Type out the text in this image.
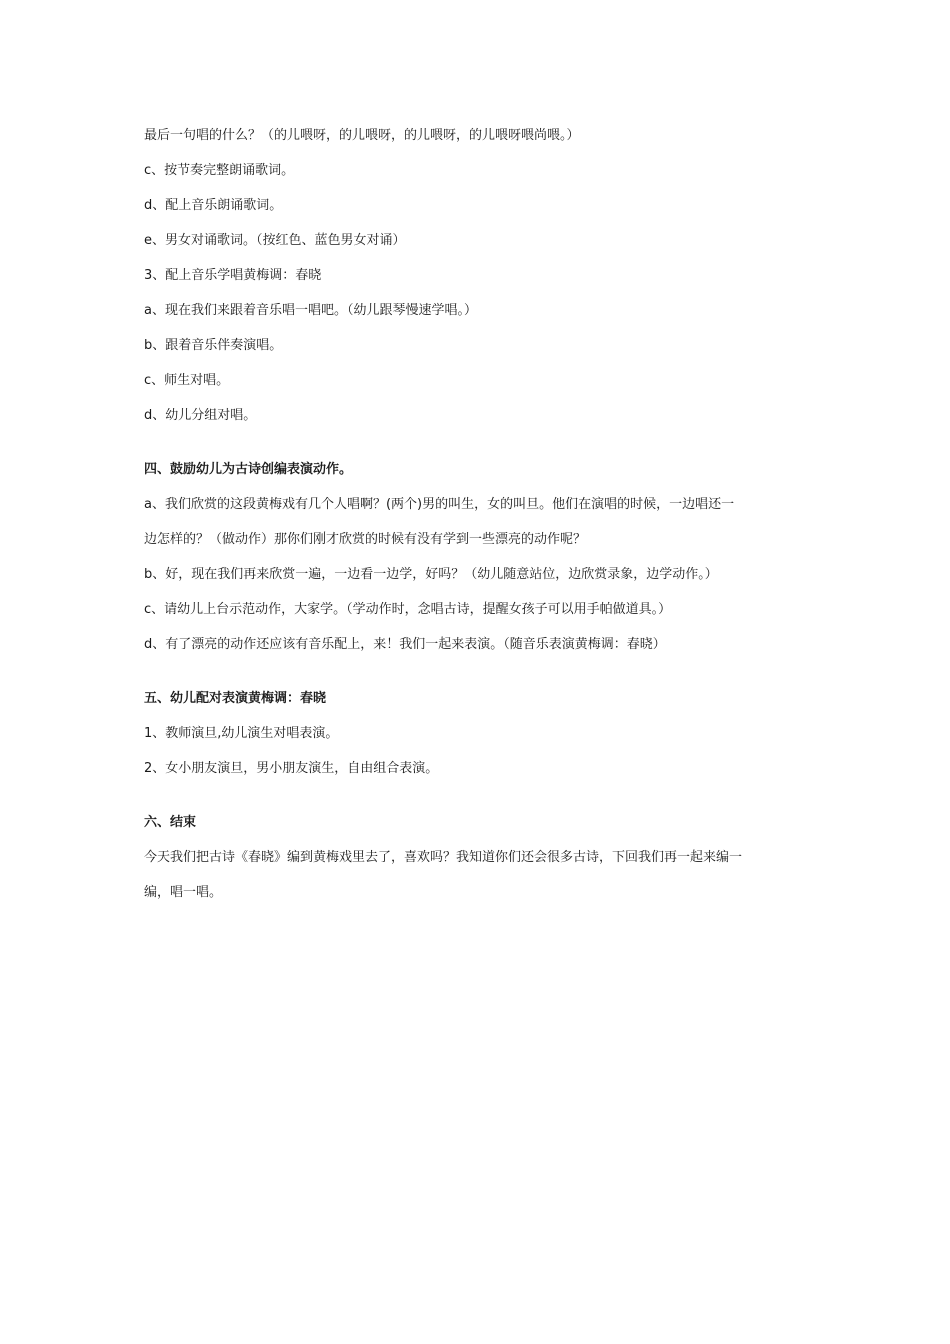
最后一句唱的什么？（的儿喂呀，的儿喂呀，的儿喂呀，的儿喂呀喂尚喂。）
c、按节奏完整朗诵歌词。
d、配上音乐朗诵歌词。
e、男女对诵歌词。（按红色、蓝色男女对诵）
3、配上音乐学唱黄梅调：春晓
a、现在我们来跟着音乐唱一唱吧。（幼儿跟琴慢速学唱。）
b、跟着音乐伴奏演唱。
c、师生对唱。
d、幼儿分组对唱。
四、鼓励幼儿为古诗创编表演动作。
a、我们欣赏的这段黄梅戏有几个人唱啊？(两个)男的叫生，女的叫旦。他们在演唱的时候，一边唱还一
边怎样的？（做动作）那你们刚才欣赏的时候有没有学到一些漂亮的动作呢？
b、好，现在我们再来欣赏一遍，一边看一边学，好吗？（幼儿随意站位，边欣赏录象，边学动作。）
c、请幼儿上台示范动作，大家学。（学动作时，念唱古诗，提醒女孩子可以用手帕做道具。）
d、有了漂亮的动作还应该有音乐配上，来！我们一起来表演。（随音乐表演黄梅调：春晓）
五、幼儿配对表演黄梅调：春晓
1、教师演旦,幼儿演生对唱表演。
2、女小朋友演旦，男小朋友演生，自由组合表演。
六、结束
今天我们把古诗《春晓》编到黄梅戏里去了，喜欢吗？我知道你们还会很多古诗，下回我们再一起来编一
编，唱一唱。
